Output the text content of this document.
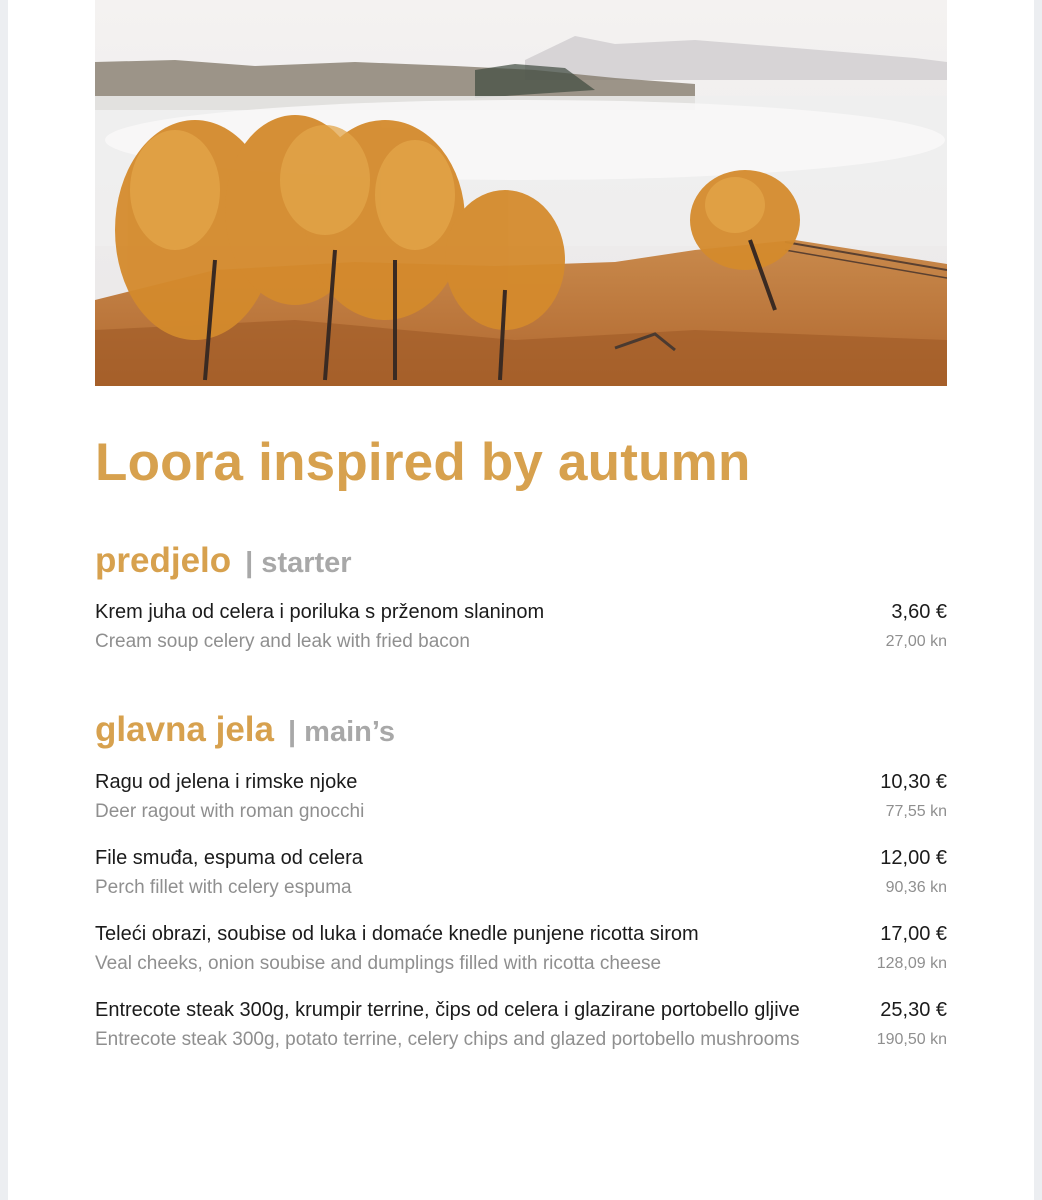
Loora inspired by autumn
predjelo | starter
Krem juha od celera i poriluka s prženom slaninom
Cream soup celery and leak with fried bacon
3,60 €
27,00 kn
glavna jela | main’s
Ragu od jelena i rimske njoke
Deer ragout with roman gnocchi
10,30 €
77,55 kn
File smuđa, espuma od celera
Perch fillet with celery espuma
12,00 €
90,36 kn
Teleći obrazi, soubise od luka i domaće knedle punjene ricotta sirom
Veal cheeks, onion soubise and dumplings filled with ricotta cheese
17,00 €
128,09 kn
Entrecote steak 300g, krumpir terrine, čips od celera i glazirane portobello gljive
Entrecote steak 300g, potato terrine, celery chips and glazed portobello mushrooms
25,30 €
190,50 kn
